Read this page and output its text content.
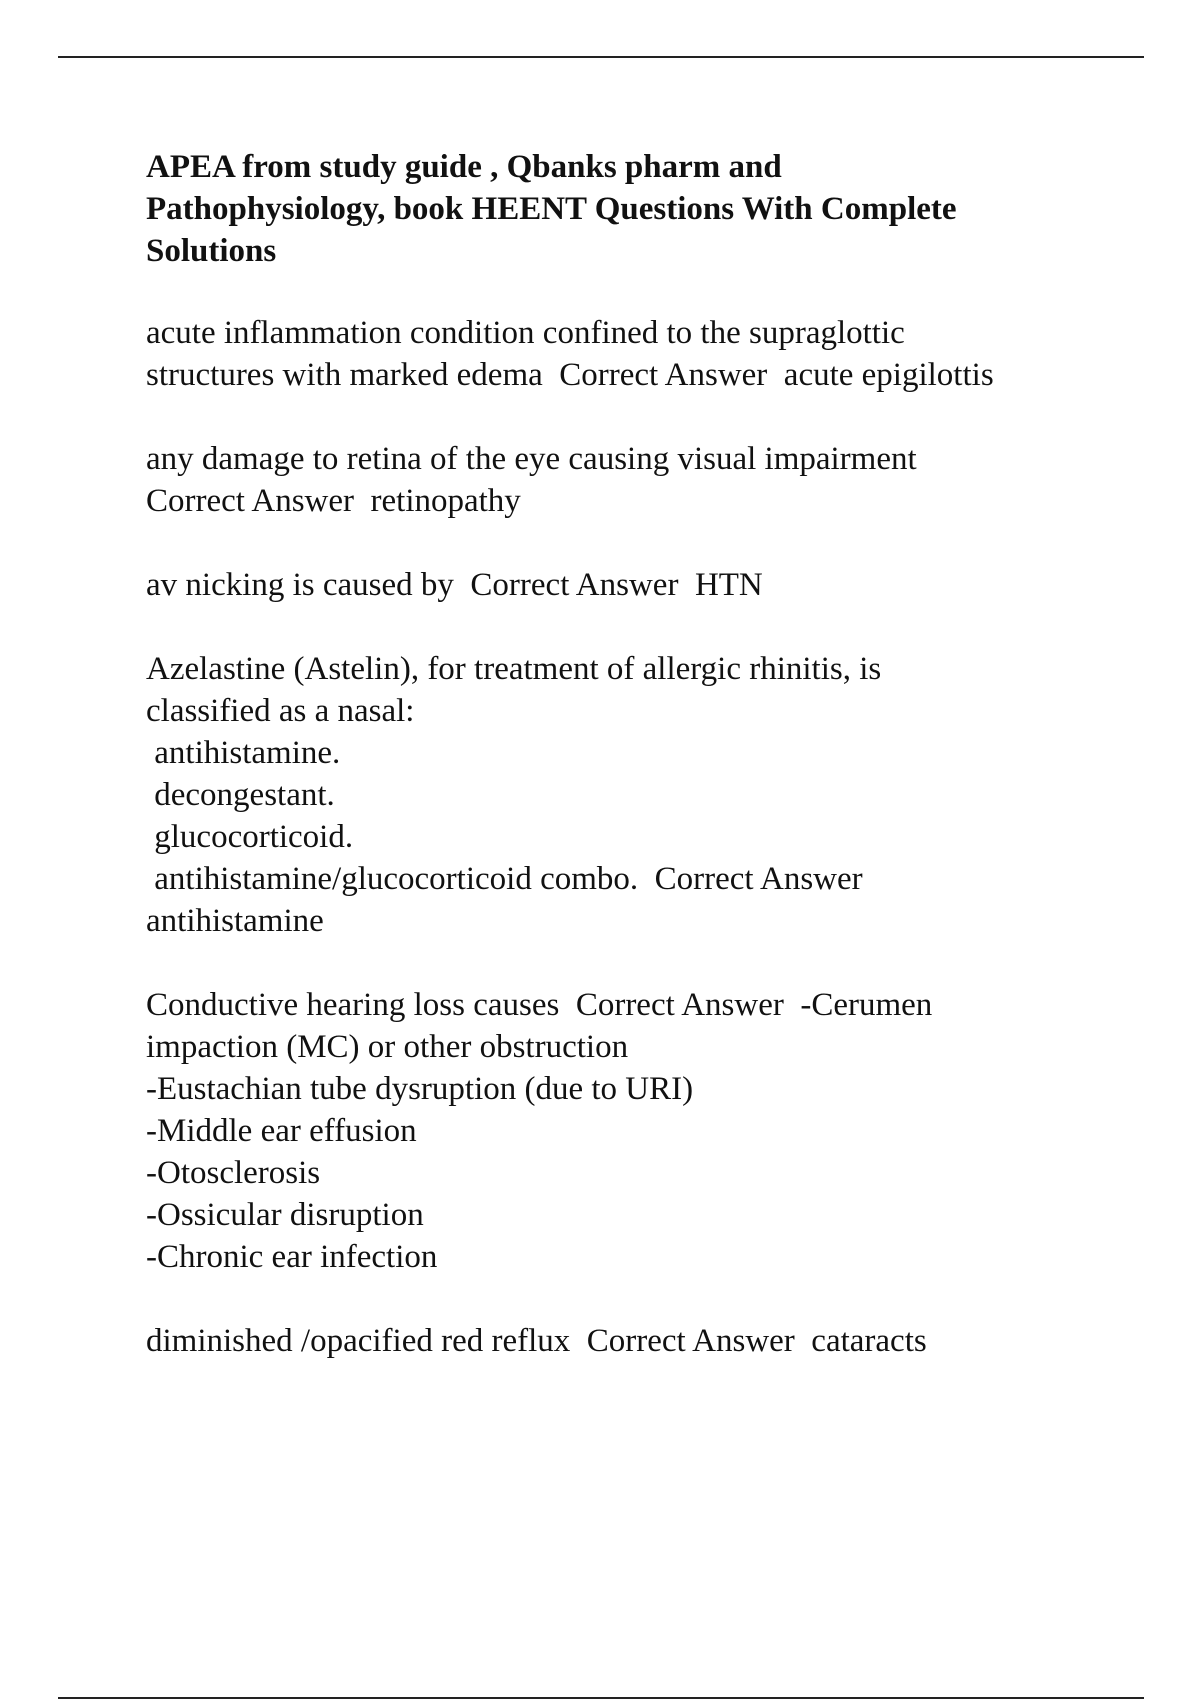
APEA from study guide , Qbanks pharm and
Pathophysiology, book HEENT Questions With Complete
Solutions
acute inflammation condition confined to the supraglottic
structures with marked edema  Correct Answer  acute epigilottis
any damage to retina of the eye causing visual impairment
Correct Answer  retinopathy
av nicking is caused by  Correct Answer  HTN
Azelastine (Astelin), for treatment of allergic rhinitis, is
classified as a nasal:
antihistamine.
decongestant.
glucocorticoid.
antihistamine/glucocorticoid combo.  Correct Answer
antihistamine
Conductive hearing loss causes  Correct Answer  -Cerumen
impaction (MC) or other obstruction
-Eustachian tube dysruption (due to URI)
-Middle ear effusion
-Otosclerosis
-Ossicular disruption
-Chronic ear infection
diminished /opacified red reflux  Correct Answer  cataracts
